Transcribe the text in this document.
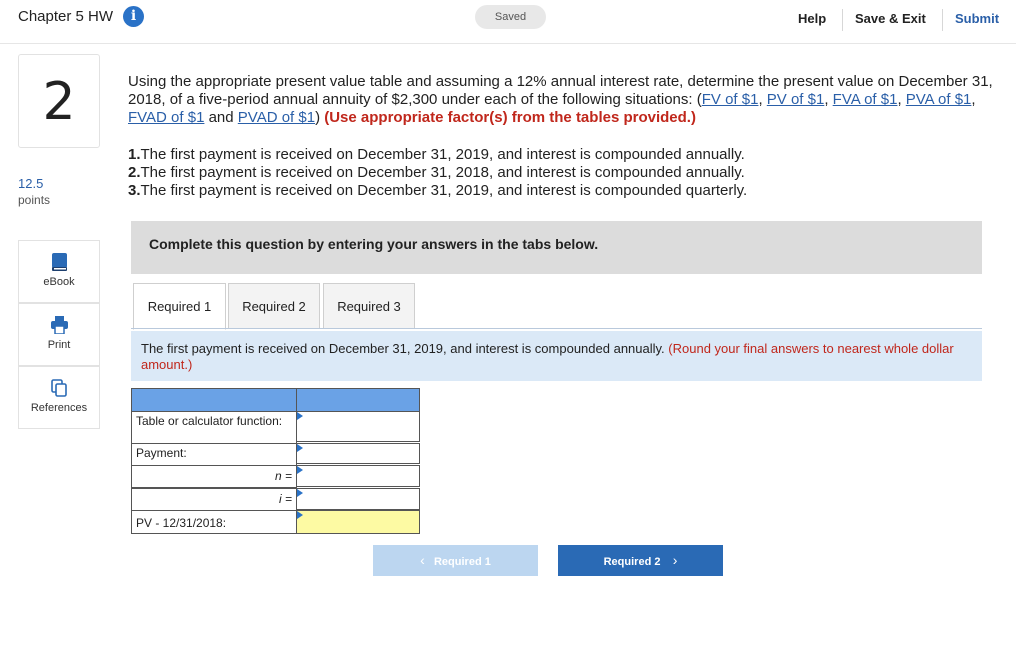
Chapter 5 HW	i	Saved	Help Save & Exit Submit
2
12.5
points
eBook
Print
References
Using the appropriate present value table and assuming a 12% annual interest rate, determine the present value on December 31, 2018, of a five-period annual annuity of $2,300 under each of the following situations: (FV of $1, PV of $1, FVA of $1, PVA of $1, FVAD of $1 and PVAD of $1) (Use appropriate factor(s) from the tables provided.)
1.The first payment is received on December 31, 2019, and interest is compounded annually.
2.The first payment is received on December 31, 2018, and interest is compounded annually.
3.The first payment is received on December 31, 2019, and interest is compounded quarterly.
Complete this question by entering your answers in the tabs below.
Required 1	Required 2	Required 3
The first payment is received on December 31, 2019, and interest is compounded annually. (Round your final answers to nearest whole dollar amount.)
Table or calculator function:
Payment:
n =
i =
PV - 12/31/2018:
‹ Required 1	Required 2 ›
